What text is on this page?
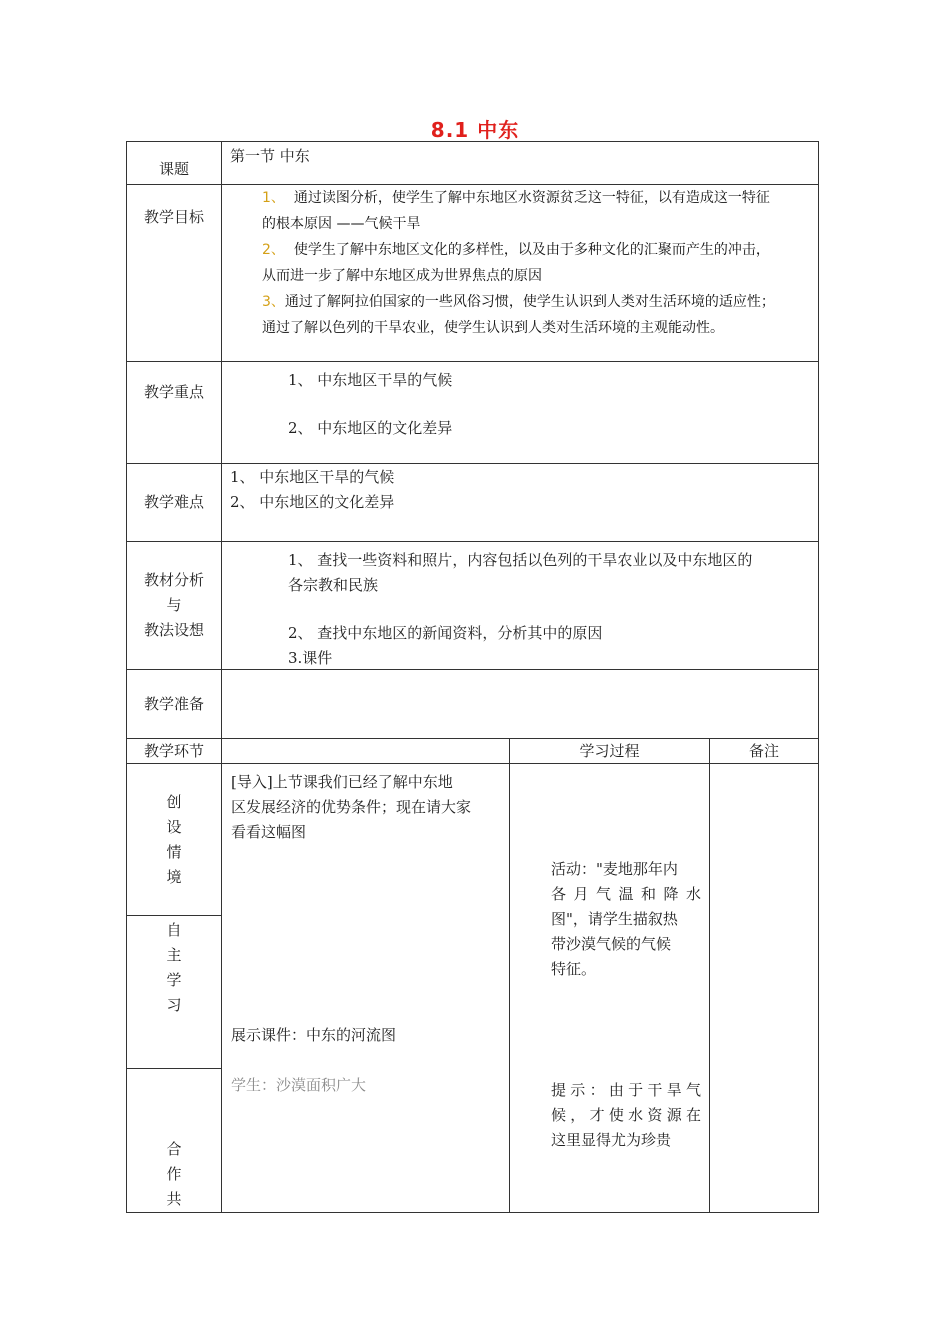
8.1 中东
课题
第一节 中东
教学目标
1、 通过读图分析，使学生了解中东地区水资源贫乏这一特征，以有造成这一特征
的根本原因 ——气候干旱
2、 使学生了解中东地区文化的多样性，以及由于多种文化的汇聚而产生的冲击，
从而进一步了解中东地区成为世界焦点的原因
3、通过了解阿拉伯国家的一些风俗习惯，使学生认识到人类对生活环境的适应性；
通过了解以色列的干旱农业，使学生认识到人类对生活环境的主观能动性。
教学重点
1、 中东地区干旱的气候
2、 中东地区的文化差异
教学难点
1、 中东地区干旱的气候
2、 中东地区的文化差异
教材分析
与
教法设想
1、 查找一些资料和照片，内容包括以色列的干旱农业以及中东地区的
各宗教和民族
2、 查找中东地区的新闻资料，分析其中的原因
3.课件
教学准备
教学环节	学习过程	备注
创
设
情
境
自
主
学
习
合
作
共
[导入]上节课我们已经了解中东地
区发展经济的优势条件；现在请大家
看看这幅图
展示课件：中东的河流图
学生：沙漠面积广大
活动："麦地那年内
各月气温和降水
图"，请学生描叙热
带沙漠气候的气候
特征。
提示：由于干旱气
候，才使水资源在
这里显得尤为珍贵
